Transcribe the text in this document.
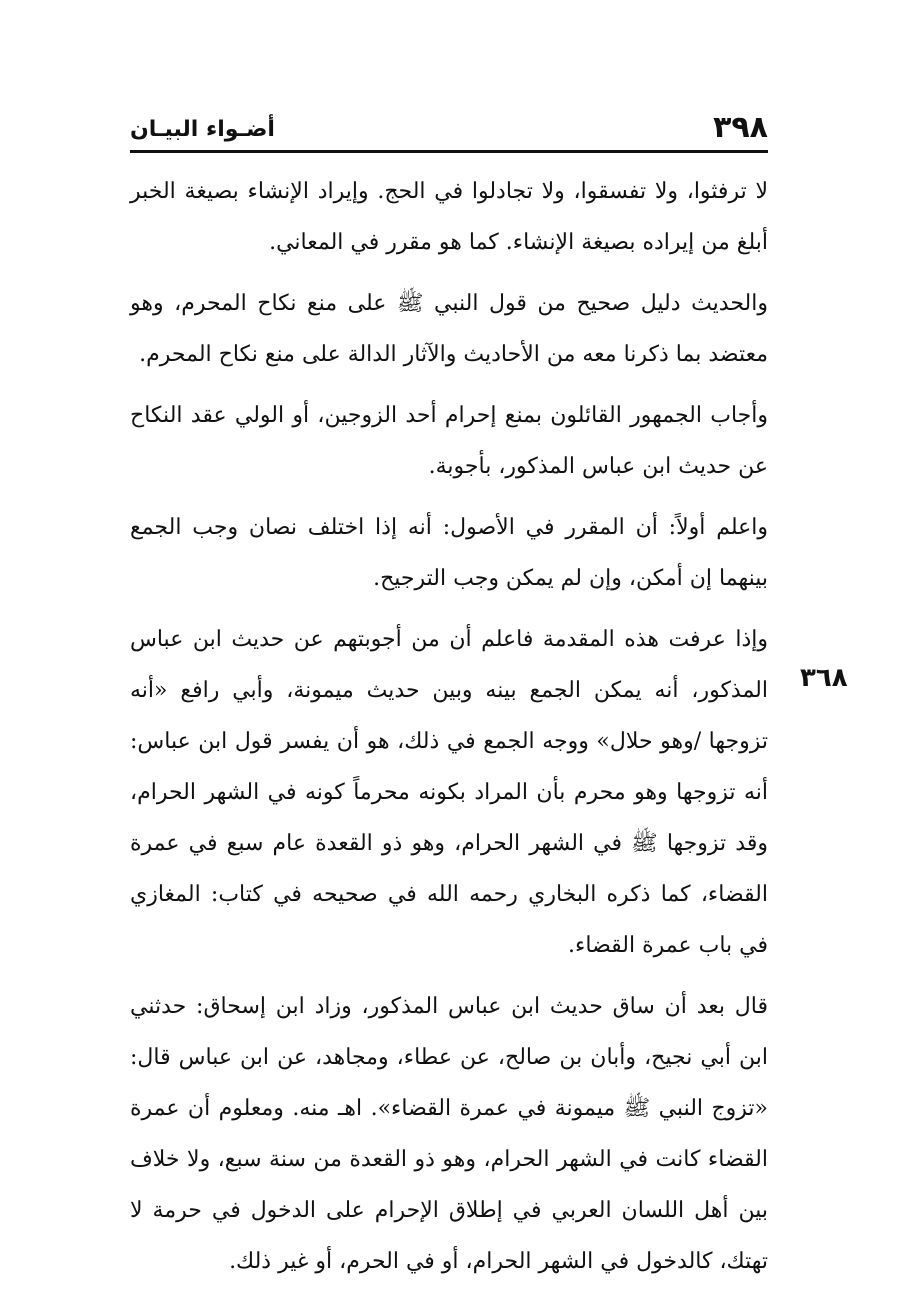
٣٩٨
أضـواء البيـان
٣٦٨

لا ترفثوا، ولا تفسقوا، ولا تجادلوا في الحج. وإيراد الإنشاء بصيغة الخبر أبلغ من إيراده بصيغة الإنشاء. كما هو مقرر في المعاني.

والحديث دليل صحيح من قول النبي ﷺ على منع نكاح المحرم، وهو معتضد بما ذكرنا معه من الأحاديث والآثار الدالة على منع نكاح المحرم.

وأجاب الجمهور القائلون بمنع إحرام أحد الزوجين، أو الولي عقد النكاح عن حديث ابن عباس المذكور، بأجوبة.

واعلم أولاً: أن المقرر في الأصول: أنه إذا اختلف نصان وجب الجمع بينهما إن أمكن، وإن لم يمكن وجب الترجيح.

وإذا عرفت هذه المقدمة فاعلم أن من أجوبتهم عن حديث ابن عباس المذكور، أنه يمكن الجمع بينه وبين حديث ميمونة، وأبي رافع «أنه تزوجها /وهو حلال» ووجه الجمع في ذلك، هو أن يفسر قول ابن عباس: أنه تزوجها وهو محرم بأن المراد بكونه محرماً كونه في الشهر الحرام، وقد تزوجها ﷺ في الشهر الحرام، وهو ذو القعدة عام سبع في عمرة القضاء، كما ذكره البخاري رحمه الله في صحيحه في كتاب: المغازي في باب عمرة القضاء.

قال بعد أن ساق حديث ابن عباس المذكور، وزاد ابن إسحاق: حدثني ابن أبي نجيح، وأبان بن صالح، عن عطاء، ومجاهد، عن ابن عباس قال: «تزوج النبي ﷺ ميمونة في عمرة القضاء». اهـ منه. ومعلوم أن عمرة القضاء كانت في الشهر الحرام، وهو ذو القعدة من سنة سبع، ولا خلاف بين أهل اللسان العربي في إطلاق الإحرام على الدخول في حرمة لا تهتك، كالدخول في الشهر الحرام، أو في الحرم، أو غير ذلك.
